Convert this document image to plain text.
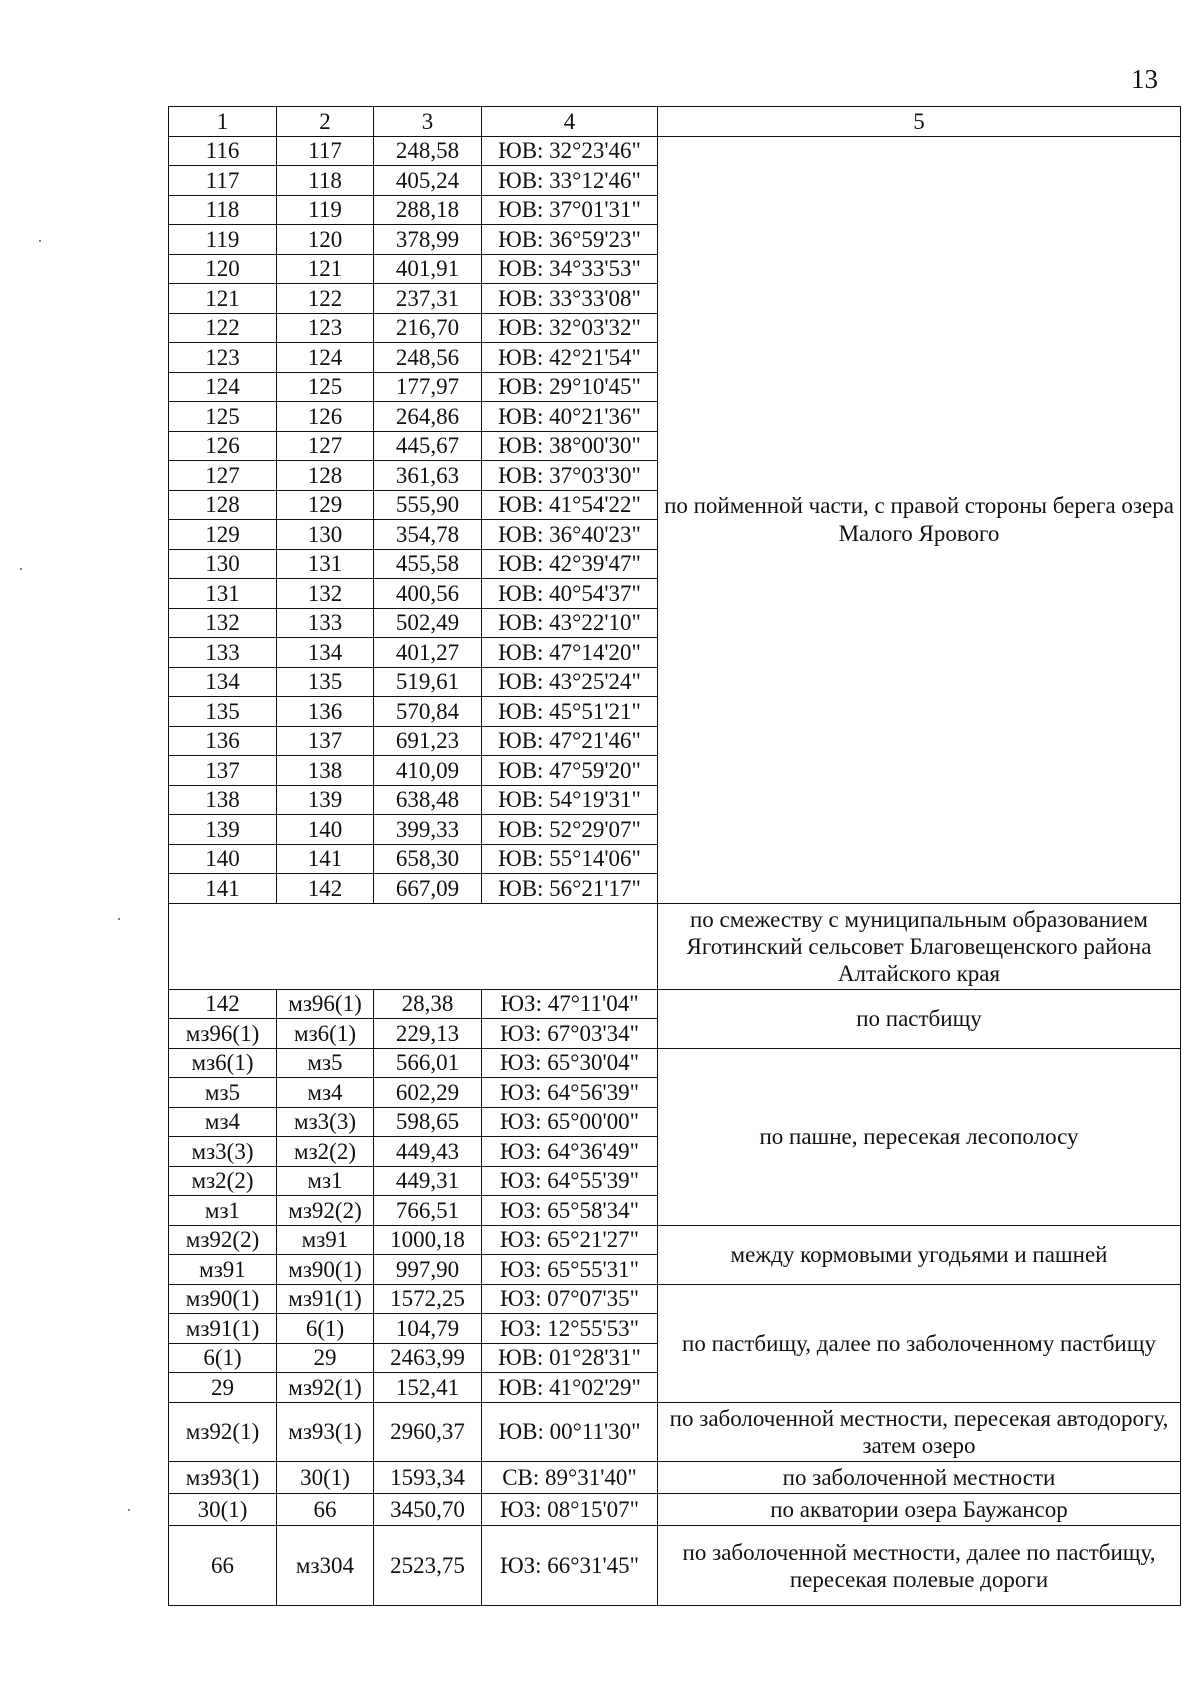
13
1	2	3	4	5
116	117	248,58	ЮВ: 32°23'46"	по пойменной части, с правой стороны берега озера Малого Ярового
117	118	405,24	ЮВ: 33°12'46"	
118	119	288,18	ЮВ: 37°01'31"	
119	120	378,99	ЮВ: 36°59'23"	
120	121	401,91	ЮВ: 34°33'53"	
121	122	237,31	ЮВ: 33°33'08"	
122	123	216,70	ЮВ: 32°03'32"	
123	124	248,56	ЮВ: 42°21'54"	
124	125	177,97	ЮВ: 29°10'45"	
125	126	264,86	ЮВ: 40°21'36"	
126	127	445,67	ЮВ: 38°00'30"	
127	128	361,63	ЮВ: 37°03'30"	
128	129	555,90	ЮВ: 41°54'22"	
129	130	354,78	ЮВ: 36°40'23"	
130	131	455,58	ЮВ: 42°39'47"	
131	132	400,56	ЮВ: 40°54'37"	
132	133	502,49	ЮВ: 43°22'10"	
133	134	401,27	ЮВ: 47°14'20"	
134	135	519,61	ЮВ: 43°25'24"	
135	136	570,84	ЮВ: 45°51'21"	
136	137	691,23	ЮВ: 47°21'46"	
137	138	410,09	ЮВ: 47°59'20"	
138	139	638,48	ЮВ: 54°19'31"	
139	140	399,33	ЮВ: 52°29'07"	
140	141	658,30	ЮВ: 55°14'06"	
141	142	667,09	ЮВ: 56°21'17"	
				по смежеству с муниципальным образованием Яготинский сельсовет Благовещенского района Алтайского края
142	мз96(1)	28,38	ЮЗ: 47°11'04"	по пастбищу
мз96(1)	мз6(1)	229,13	ЮЗ: 67°03'34"	
мз6(1)	мз5	566,01	ЮЗ: 65°30'04"	по пашне, пересекая лесополосу
мз5	мз4	602,29	ЮЗ: 64°56'39"	
мз4	мз3(3)	598,65	ЮЗ: 65°00'00"	
мз3(3)	мз2(2)	449,43	ЮЗ: 64°36'49"	
мз2(2)	мз1	449,31	ЮЗ: 64°55'39"	
мз1	мз92(2)	766,51	ЮЗ: 65°58'34"	
мз92(2)	мз91	1000,18	ЮЗ: 65°21'27"	между кормовыми угодьями и пашней
мз91	мз90(1)	997,90	ЮЗ: 65°55'31"	
мз90(1)	мз91(1)	1572,25	ЮЗ: 07°07'35"	по пастбищу, далее по заболоченному пастбищу
мз91(1)	6(1)	104,79	ЮЗ: 12°55'53"	
6(1)	29	2463,99	ЮВ: 01°28'31"	
29	мз92(1)	152,41	ЮВ: 41°02'29"	
мз92(1)	мз93(1)	2960,37	ЮВ: 00°11'30"	по заболоченной местности, пересекая автодорогу, затем озеро
мз93(1)	30(1)	1593,34	СВ: 89°31'40"	по заболоченной местности
30(1)	66	3450,70	ЮЗ: 08°15'07"	по акватории озера Баужансор
66	мз304	2523,75	ЮЗ: 66°31'45"	по заболоченной местности, далее по пастбищу, пересекая полевые дороги
